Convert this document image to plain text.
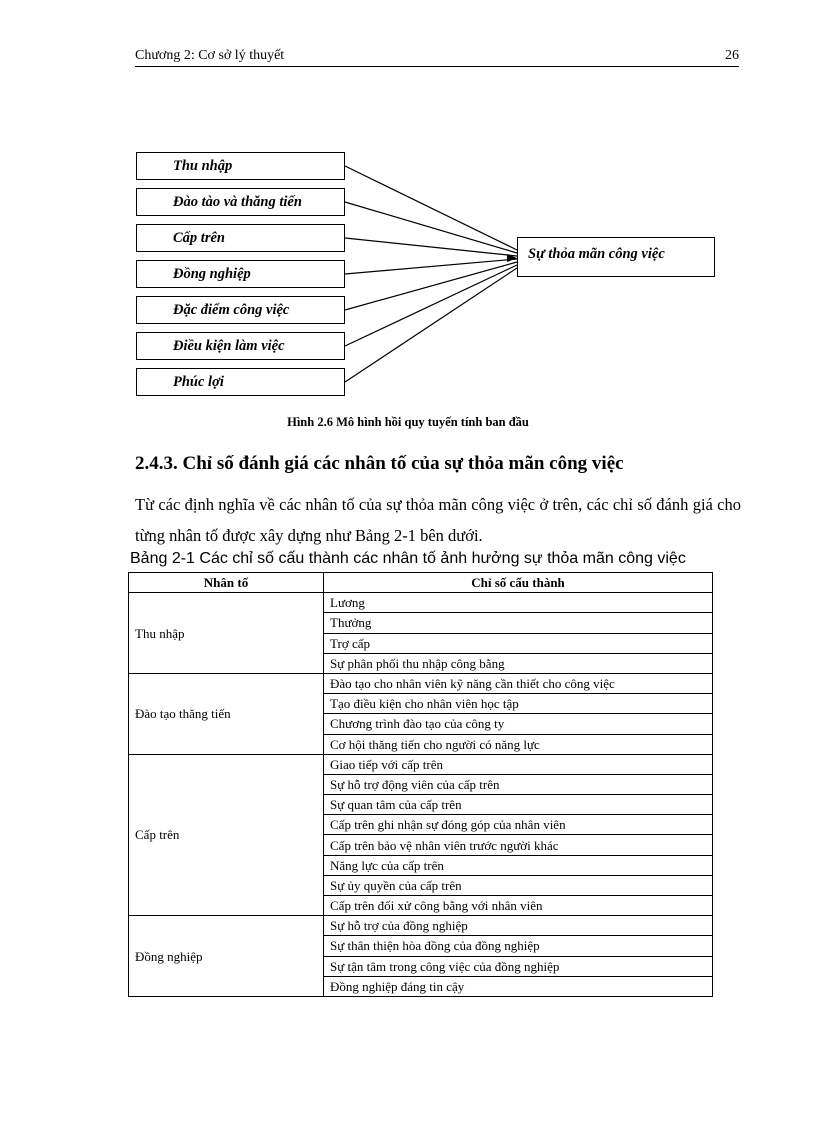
Chương 2: Cơ sở lý thuyết	26
Thu nhập
Đào tào và thăng tiến
Cấp trên
Đồng nghiệp
Đặc điểm công việc
Điều kiện làm việc
Phúc lợi
Sự thỏa mãn công việc
Hình 2.6 Mô hình hồi quy tuyến tính ban đầu
2.4.3. Chỉ số đánh giá các nhân tố của sự thỏa mãn công việc
Từ các định nghĩa về các nhân tố của sự thỏa mãn công việc ở trên, các chỉ số đánh giá cho từng nhân tố được xây dựng như Bảng 2-1 bên dưới.
Bảng 2-1 Các chỉ số cấu thành các nhân tố ảnh hưởng sự thỏa mãn công việc
Nhân tố	Chỉ số cấu thành
Thu nhập	Lương
	Thưởng
	Trợ cấp
	Sự phân phối thu nhập công bằng
Đào tạo thăng tiến	Đào tạo cho nhân viên kỹ năng cần thiết cho công việc
	Tạo điều kiện cho nhân viên học tập
	Chương trình đào tạo của công ty
	Cơ hội thăng tiến cho người có năng lực
Cấp trên	Giao tiếp với cấp trên
	Sự hỗ trợ động viên của cấp trên
	Sự quan tâm của cấp trên
	Cấp trên ghi nhận sự đóng góp của nhân viên
	Cấp trên bảo vệ nhân viên trước người khác
	Năng lực của cấp trên
	Sự ủy quyền của cấp trên
	Cấp trên đối xử công bằng với nhân viên
Đồng nghiệp	Sự hỗ trợ của đồng nghiệp
	Sự thân thiện hòa đồng của đồng nghiệp
	Sự tận tâm trong công việc của đồng nghiệp
	Đồng nghiệp đáng tin cậy
